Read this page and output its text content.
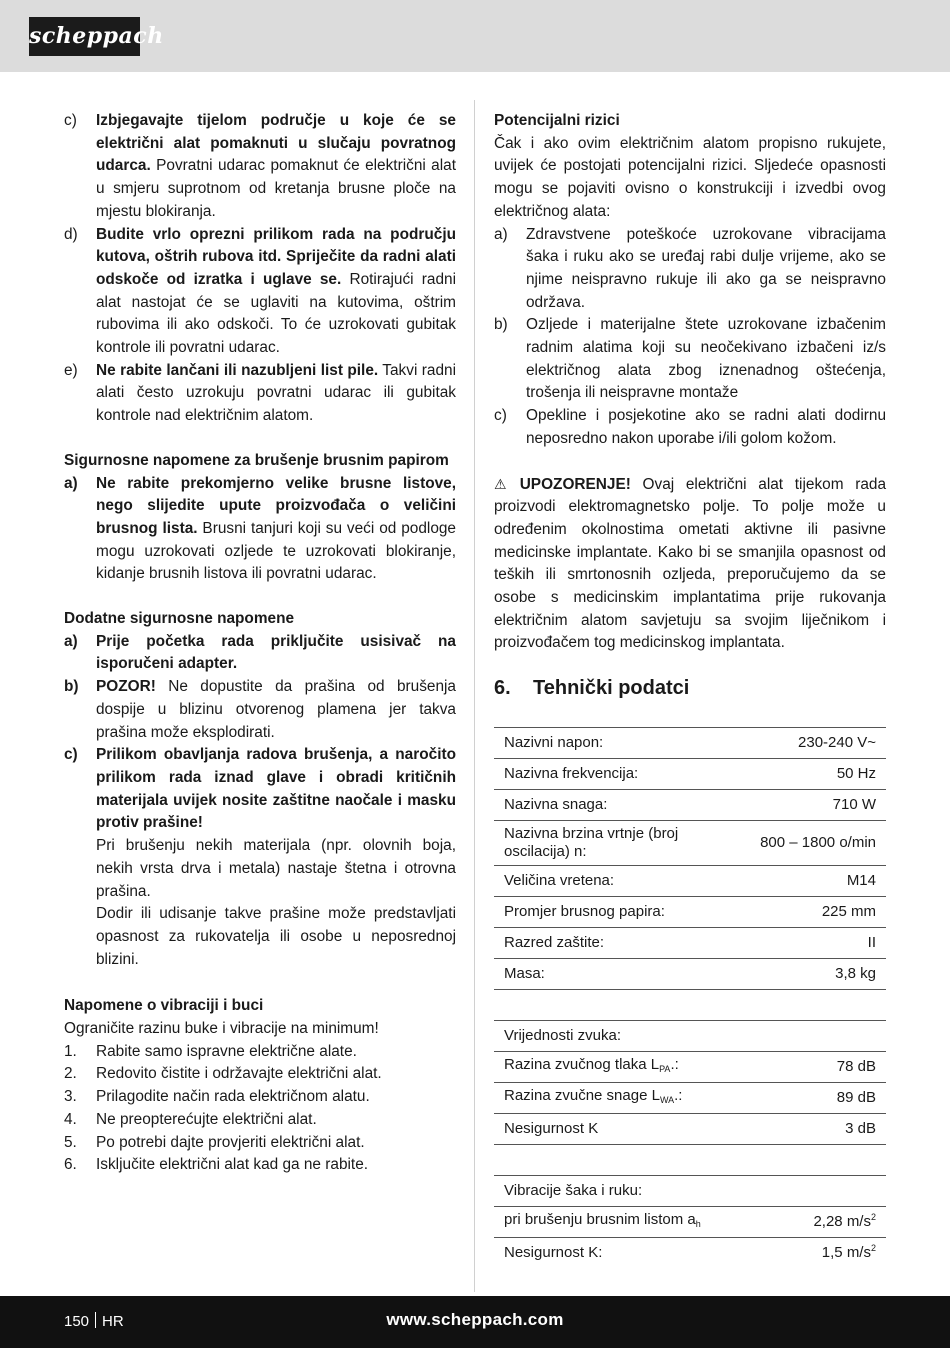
scheppach
c)	Izbjegavajte tijelom područje u koje će se električni alat pomaknuti u slučaju povratnog udarca. Povratni udarac pomaknut će električni alat u smjeru suprotnom od kretanja brusne ploče na mjestu blokiranja.
d)	Budite vrlo oprezni prilikom rada na području kutova, oštrih rubova itd. Spriječite da radni alati odskoče od izratka i uglave se. Rotirajući radni alat nastojat će se uglaviti na kutovima, oštrim rubovima ili ako odskoči. To će uzrokovati gubitak kontrole ili povratni udarac.
e)	Ne rabite lančani ili nazubljeni list pile. Takvi radni alati često uzrokuju povratni udarac ili gubitak kontrole nad električnim alatom.
Sigurnosne napomene za brušenje brusnim papirom
a)	Ne rabite prekomjerno velike brusne listove, nego slijedite upute proizvođača o veličini brusnog lista. Brusni tanjuri koji su veći od podloge mogu uzrokovati ozljede te uzrokovati blokiranje, kidanje brusnih listova ili povratni udarac.
Dodatne sigurnosne napomene
a)	Prije početka rada priključite usisivač na isporučeni adapter.
b)	POZOR! Ne dopustite da prašina od brušenja dospije u blizinu otvorenog plamena jer takva prašina može eksplodirati.
c)	Prilikom obavljanja radova brušenja, a naročito prilikom rada iznad glave i obradi kritičnih materijala uvijek nosite zaštitne naočale i masku protiv prašine!
Pri brušenju nekih materijala (npr. olovnih boja, nekih vrsta drva i metala) nastaje štetna i otrovna prašina.
Dodir ili udisanje takve prašine može predstavljati opasnost za rukovatelja ili osobe u neposrednoj blizini.
Napomene o vibraciji i buci
Ograničite razinu buke i vibracije na minimum!
1.	Rabite samo ispravne električne alate.
2.	Redovito čistite i održavajte električni alat.
3.	Prilagodite način rada električnom alatu.
4.	Ne preopterećujte električni alat.
5.	Po potrebi dajte provjeriti električni alat.
6.	Isključite električni alat kad ga ne rabite.
Potencijalni rizici
Čak i ako ovim električnim alatom propisno rukujete, uvijek će postojati potencijalni rizici. Sljedeće opasnosti mogu se pojaviti ovisno o konstrukciji i izvedbi ovog električnog alata:
a)	Zdravstvene poteškoće uzrokovane vibracijama šaka i ruku ako se uređaj rabi dulje vrijeme, ako se njime neispravno rukuje ili ako ga se neispravno održava.
b)	Ozljede i materijalne štete uzrokovane izbačenim radnim alatima koji su neočekivano izbačeni iz/s električnog alata zbog iznenadnog oštećenja, trošenja ili neispravne montaže
c)	Opekline i posjekotine ako se radni alati dodirnu neposredno nakon uporabe i/ili golom kožom.
⚠ UPOZORENJE! Ovaj električni alat tijekom rada proizvodi elektromagnetsko polje. To polje može u određenim okolnostima ometati aktivne ili pasivne medicinske implantate. Kako bi se smanjila opasnost od teških ili smrtonosnih ozljeda, preporučujemo da se osobe s medicinskim implantatima prije rukovanja električnim alatom savjetuju sa svojim liječnikom i proizvođačem tog medicinskog implantata.
6. Tehnički podatci
Nazivni napon:	230-240 V~
Nazivna frekvencija:	50 Hz
Nazivna snaga:	710 W
Nazivna brzina vrtnje (broj oscilacija) n:	800 – 1800 o/min
Veličina vretena:	M14
Promjer brusnog papira:	225 mm
Razred zaštite:	II
Masa:	3,8 kg
Vrijednosti zvuka:	
Razina zvučnog tlaka $L_{PA}$.:	78 dB
Razina zvučne snage $L_{WA}$.:	89 dB
Nesigurnost K	3 dB
Vibracije šaka i ruku:	
pri brušenju brusnim listom $a_h$	2,28 $m/s^2$
Nesigurnost K:	1,5 $m/s^2$
150 HR	www.scheppach.com
